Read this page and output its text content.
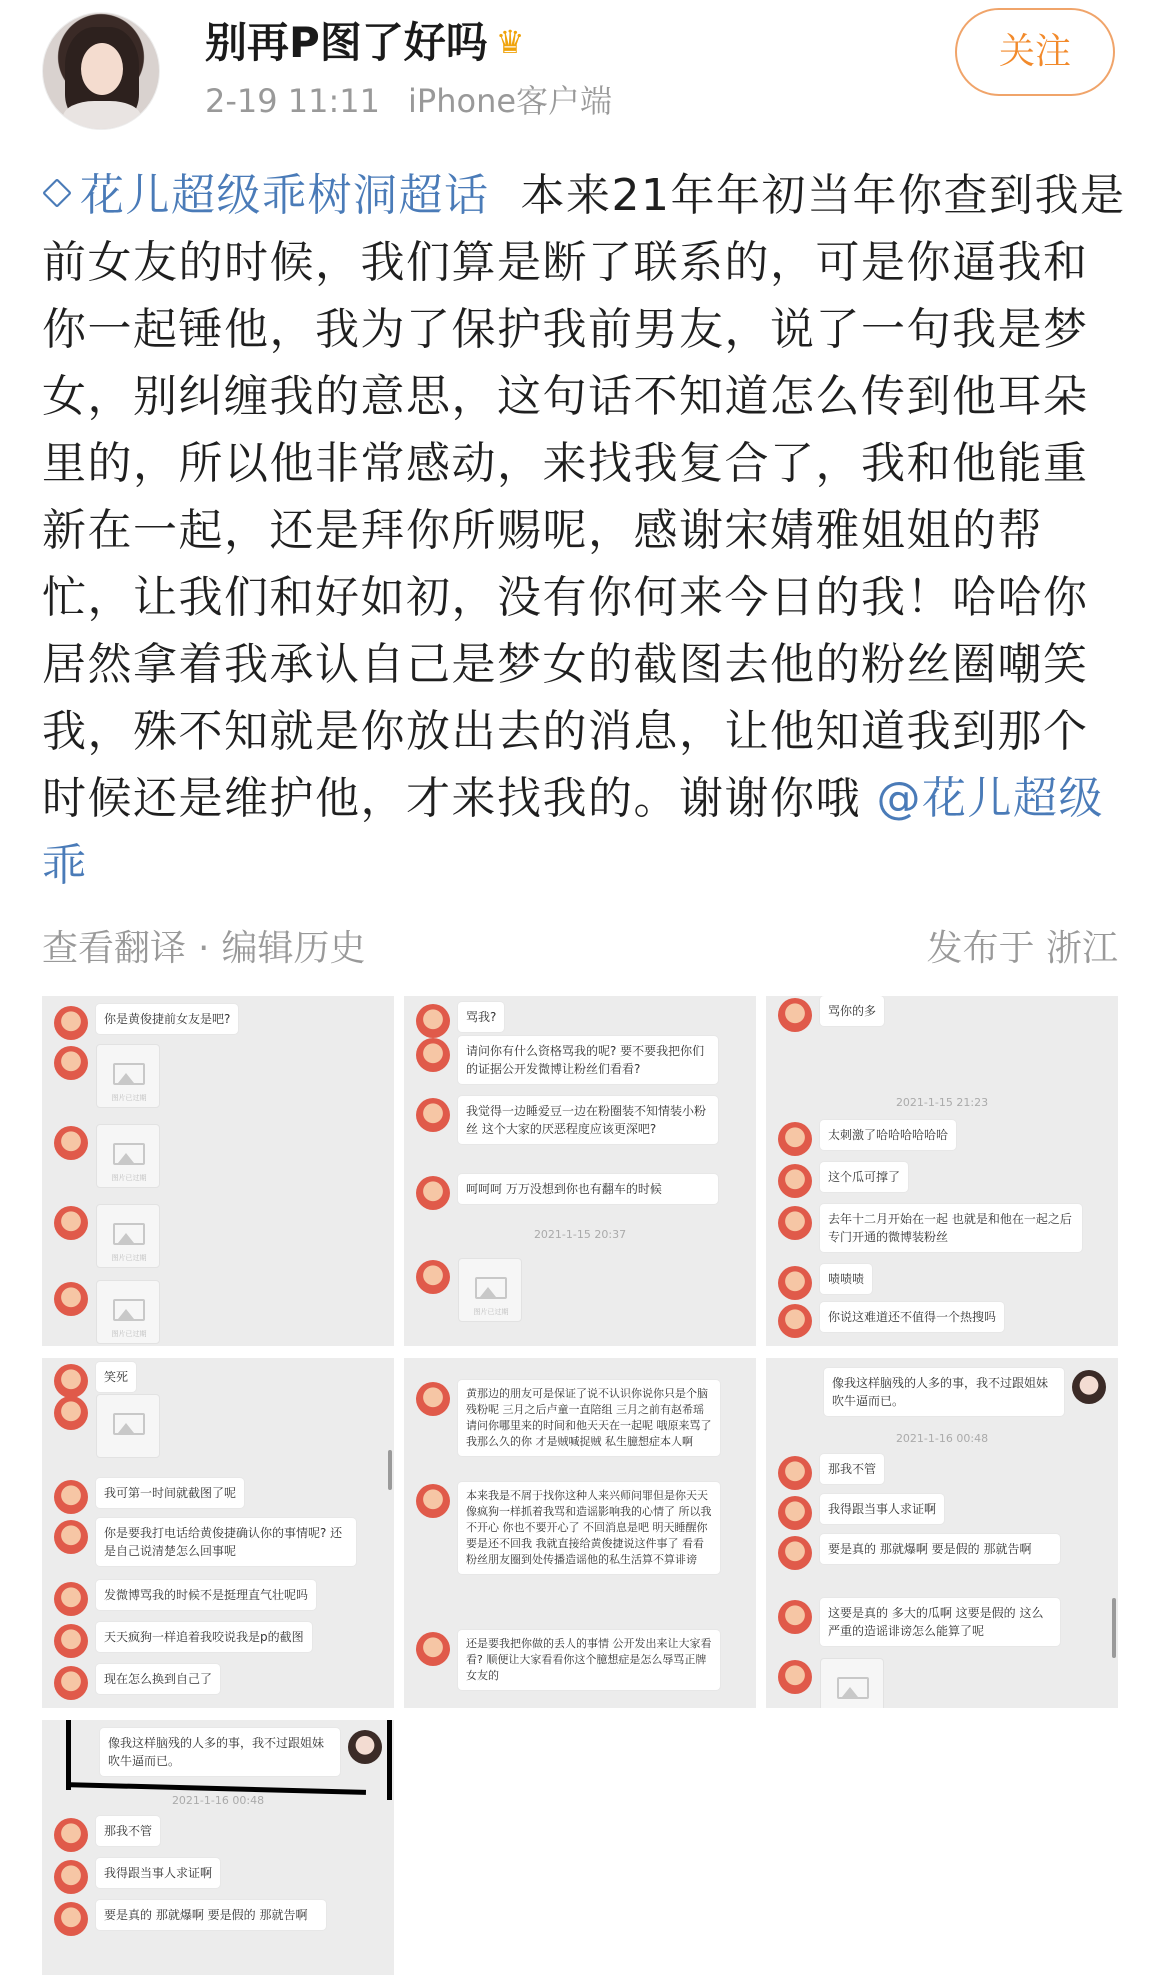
别再P图了好吗 ♛
2-19 11:11 iPhone客户端
关注
花儿超级乖树洞超话 本来21年年初当年你查到我是前女友的时候，我们算是断了联系的，可是你逼我和你一起锤他，我为了保护我前男友，说了一句我是梦女，别纠缠我的意思，这句话不知道怎么传到他耳朵里的，所以他非常感动，来找我复合了，我和他能重新在一起，还是拜你所赐呢，感谢宋婧雅姐姐的帮忙，让我们和好如初，没有你何来今日的我！哈哈你居然拿着我承认自己是梦女的截图去他的粉丝圈嘲笑我，殊不知就是你放出去的消息，让他知道我到那个时候还是维护他，才来找我的。谢谢你哦 @花儿超级乖
查看翻译 · 编辑历史	发布于 浙江
你是黄俊捷前女友是吧?
图片已过期
图片已过期
图片已过期
图片已过期
骂我?
请问你有什么资格骂我的呢? 要不要我把你们的证据公开发微博让粉丝们看看?
我觉得一边睡爱豆一边在粉圈装不知情装小粉丝 这个大家的厌恶程度应该更深吧?
呵呵呵 万万没想到你也有翻车的时候
2021-1-15 20:37
图片已过期
骂你的多
2021-1-15 21:23
太刺激了哈哈哈哈哈哈
这个瓜可撑了
去年十二月开始在一起 也就是和他在一起之后专门开通的微博装粉丝
啧啧啧
你说这难道还不值得一个热搜吗
笑死
我可第一时间就截图了呢
你是要我打电话给黄俊捷确认你的事情呢? 还是自己说清楚怎么回事呢
发微博骂我的时候不是挺理直气壮呢吗
天天疯狗一样追着我咬说我是p的截图
现在怎么换到自己了
黄那边的朋友可是保证了说不认识你说你只是个脑残粉呢 三月之后卢童一直陪组 三月之前有赵希瑶 请问你哪里来的时间和他天天在一起呢 哦原来骂了我那么久的你 才是贼喊捉贼 私生臆想症本人啊
本来我是不屑于找你这种人来兴师问罪但是你天天像疯狗一样抓着我骂和造谣影响我的心情了 所以我不开心 你也不要开心了 不回消息是吧 明天睡醒你要是还不回我 我就直接给黄俊捷说这件事了 看看粉丝朋友圈到处传播造谣他的私生活算不算诽谤
还是要我把你做的丢人的事情 公开发出来让大家看看? 顺便让大家看看你这个臆想症是怎么辱骂正牌女友的
像我这样脑残的人多的事，我不过跟姐妹吹牛逼而已。
2021-1-16 00:48
那我不管
我得跟当事人求证啊
要是真的 那就爆啊 要是假的 那就告啊
这要是真的 多大的瓜啊 这要是假的 这么严重的造谣诽谤怎么能算了呢
像我这样脑残的人多的事，我不过跟姐妹吹牛逼而已。
2021-1-16 00:48
那我不管
我得跟当事人求证啊
要是真的 那就爆啊 要是假的 那就告啊
